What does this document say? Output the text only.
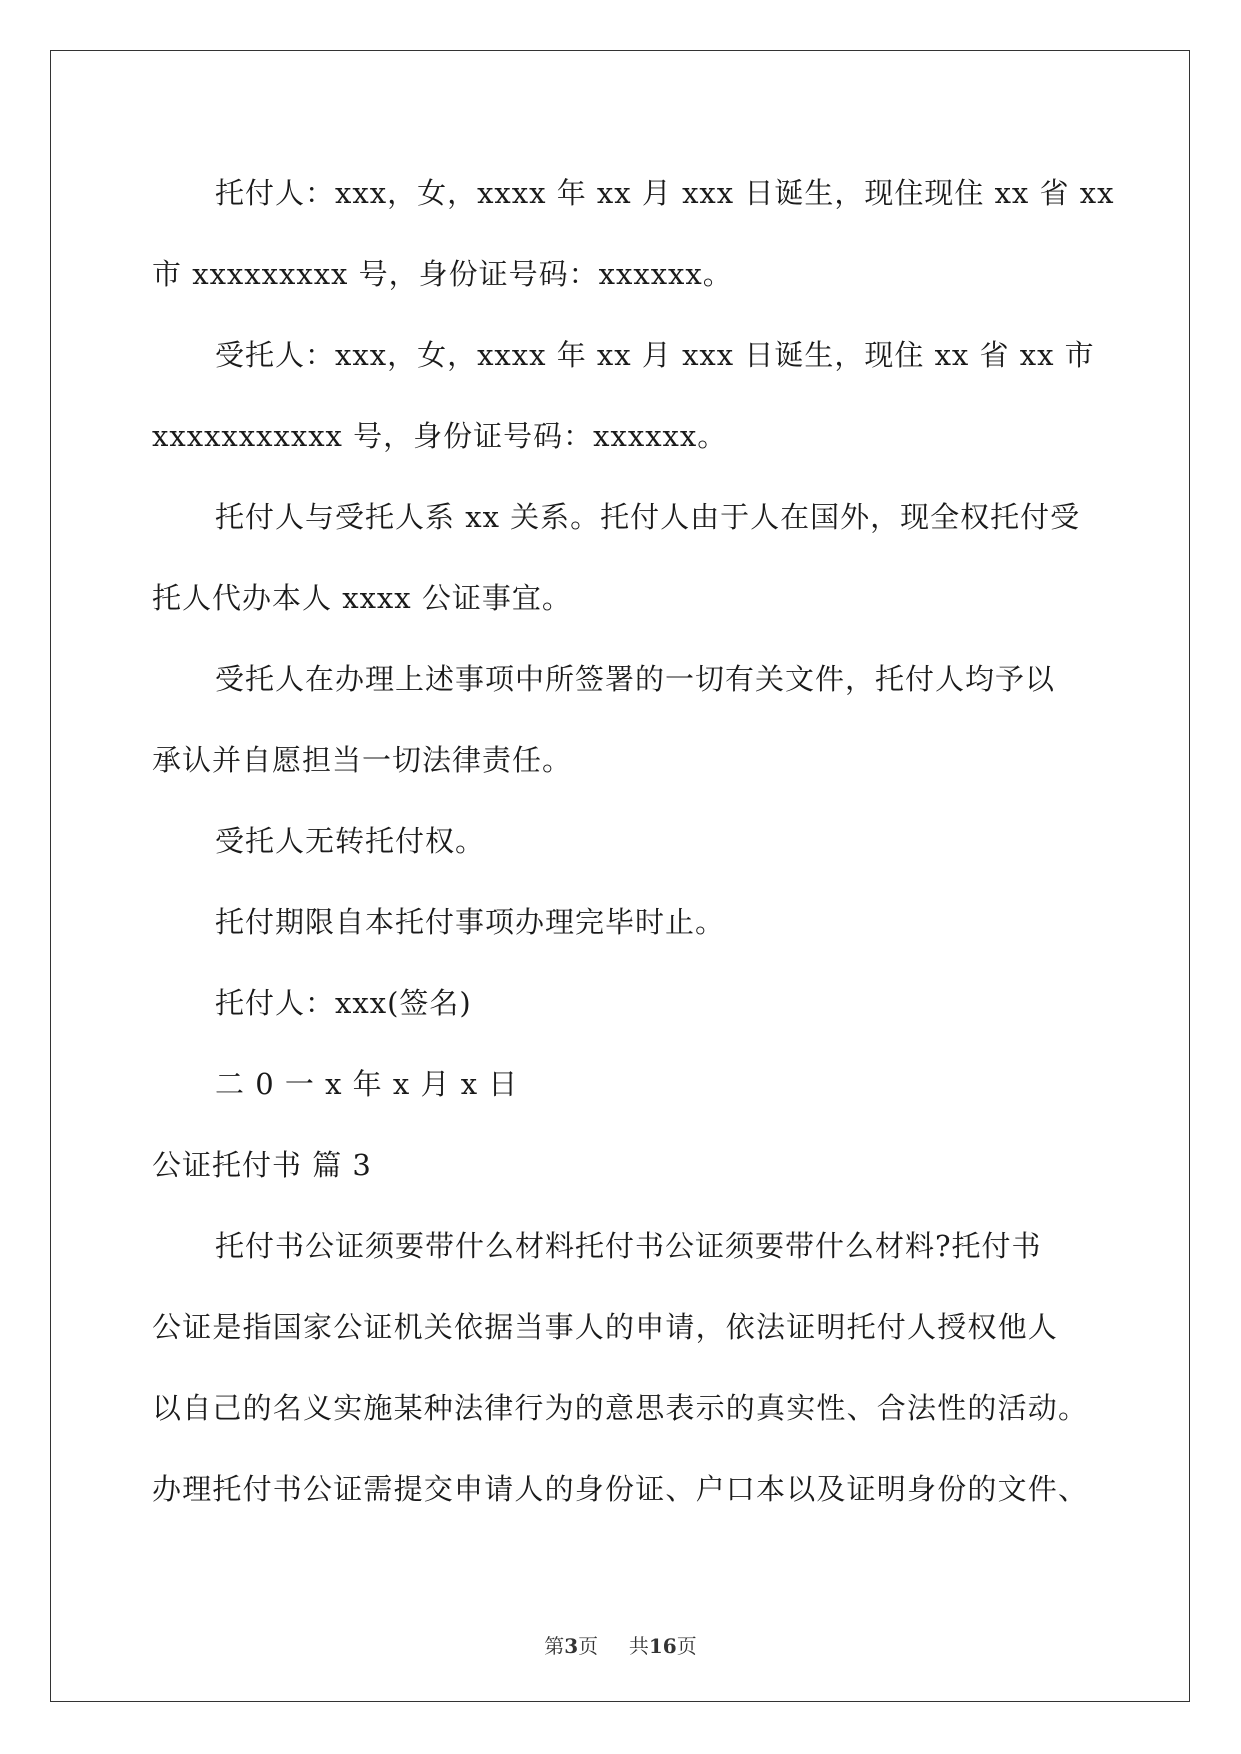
托付人：xxx，女，xxxx 年 xx 月 xxx 日诞生，现住现住 xx 省 xx
市 xxxxxxxxx 号，身份证号码：xxxxxx。
受托人：xxx，女，xxxx 年 xx 月 xxx 日诞生，现住 xx 省 xx 市
xxxxxxxxxxx 号，身份证号码：xxxxxx。
托付人与受托人系 xx 关系。托付人由于人在国外，现全权托付受
托人代办本人 xxxx 公证事宜。
受托人在办理上述事项中所签署的一切有关文件，托付人均予以
承认并自愿担当一切法律责任。
受托人无转托付权。
托付期限自本托付事项办理完毕时止。
托付人：xxx(签名)
二 0 一 x 年 x 月 x 日
公证托付书 篇 3
托付书公证须要带什么材料托付书公证须要带什么材料?托付书
公证是指国家公证机关依据当事人的申请，依法证明托付人授权他人
以自己的名义实施某种法律行为的意思表示的真实性、合法性的活动。
办理托付书公证需提交申请人的身份证、户口本以及证明身份的文件、
第3页 共16页
